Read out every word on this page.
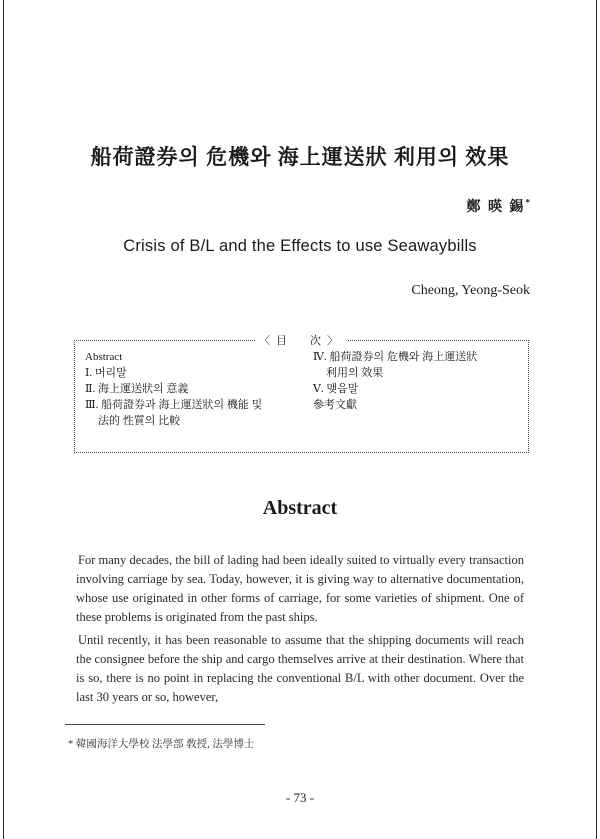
船荷證券의 危機와 海上運送狀 利用의 效果
鄭 暎 錫*
Crisis of B/L and the Effects to use Seawaybills
Cheong, Yeong-Seok
〈目　次〉
Abstract
Ⅰ. 머리말
Ⅱ. 海上運送狀의 意義
Ⅲ. 船荷證券과 海上運送狀의 機能 및
法的 性質의 比較
Ⅳ. 船荷證券의 危機와 海上運送狀
利用의 效果
Ⅴ. 맺음말
參考文獻
Abstract

For many decades, the bill of lading had been ideally suited to virtually every transaction involving carriage by sea. Today, however, it is giving way to alternative documentation, whose use originated in other forms of carriage, for some varieties of shipment. One of these problems is originated from the past ships.

Until recently, it has been reasonable to assume that the shipping documents will reach the consignee before the ship and cargo themselves arrive at their destination. Where that is so, there is no point in replacing the conventional B/L with other document. Over the last 30 years or so, however,

* 韓國海洋大學校 法學部 敎授, 法學博士
- 73 -
